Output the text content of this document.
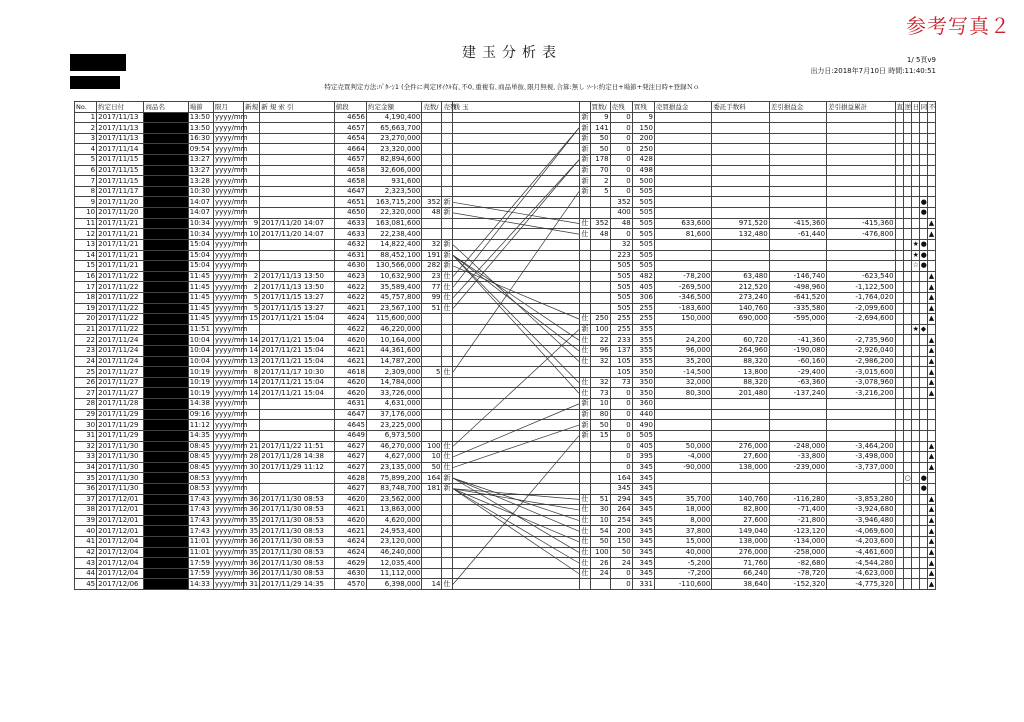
参考写真２
建玉分析表	1/ 5頁v9
出力日:2018年7月10日 時間:11:40:51
特定売買判定方法:ﾊﾟﾀｰﾝ1 (全件に判定)ｻｲｸﾙ有､不0､重複有､商品単抜､限月無視､合算:無し ｿｰﾄ:約定日+場節+発注日時+登録Ｎｏ
No.	約定日付	商品名	場節	限月	新規	新 規 索 引	値段	約定金額	売数/	売残	残 玉		買数/	売残	買残	売買損益金	委託手数料	差引損益金	差引損益累計	直	逆	日	同	不
1	2017/11/13		13:50	yyyy/mm			4656	4,190,400				新	9	0	9									
2	2017/11/13		13:50	yyyy/mm			4657	65,663,700				新	141	0	150									
3	2017/11/13		16:30	yyyy/mm			4654	23,270,000				新	50	0	200									
4	2017/11/14		09:54	yyyy/mm			4664	23,320,000				新	50	0	250									
5	2017/11/15		13:27	yyyy/mm			4657	82,894,600				新	178	0	428									
6	2017/11/15		13:27	yyyy/mm			4658	32,606,000				新	70	0	498									
7	2017/11/15		13:28	yyyy/mm			4658	931,600				新	2	0	500									
8	2017/11/17		10:30	yyyy/mm			4647	2,323,500				新	5	0	505									
9	2017/11/20		14:07	yyyy/mm			4651	163,715,200	352	新				352	505								●	
10	2017/11/20		14:07	yyyy/mm			4650	22,320,000	48	新				400	505								●	
11	2017/11/21		10:34	yyyy/mm	9	2017/11/20 14:07	4633	163,081,600				仕	352	48	505	633,600	971,520	-415,360	-415,360					▲
12	2017/11/21		10:34	yyyy/mm	10	2017/11/20 14:07	4633	22,238,400				仕	48	0	505	81,600	132,480	-61,440	-476,800					▲
13	2017/11/21		15:04	yyyy/mm			4632	14,822,400	32	新				32	505							★	●	
14	2017/11/21		15:04	yyyy/mm			4631	88,452,100	191	新				223	505							★	●	
15	2017/11/21		15:04	yyyy/mm			4630	130,566,000	282	新				505	505							☆	●	
16	2017/11/22		11:45	yyyy/mm	2	2017/11/13 13:50	4623	10,632,900	23	仕				505	482	-78,200	63,480	-146,740	-623,540					▲
17	2017/11/22		11:45	yyyy/mm	2	2017/11/13 13:50	4622	35,589,400	77	仕				505	405	-269,500	212,520	-498,960	-1,122,500					▲
18	2017/11/22		11:45	yyyy/mm	5	2017/11/15 13:27	4622	45,757,800	99	仕				505	306	-346,500	273,240	-641,520	-1,764,020					▲
19	2017/11/22		11:45	yyyy/mm	5	2017/11/15 13:27	4621	23,567,100	51	仕				505	255	-183,600	140,760	-335,580	-2,099,600					▲
20	2017/11/22		11:45	yyyy/mm	15	2017/11/21 15:04	4624	115,600,000				仕	250	255	255	150,000	690,000	-595,000	-2,694,600					▲
21	2017/11/22		11:51	yyyy/mm			4622	46,220,000				新	100	255	355							★	◆	
22	2017/11/24		10:04	yyyy/mm	14	2017/11/21 15:04	4620	10,164,000				仕	22	233	355	24,200	60,720	-41,360	-2,735,960					▲
23	2017/11/24		10:04	yyyy/mm	14	2017/11/21 15:04	4621	44,361,600				仕	96	137	355	96,000	264,960	-190,080	-2,926,040					▲
24	2017/11/24		10:04	yyyy/mm	13	2017/11/21 15:04	4621	14,787,200				仕	32	105	355	35,200	88,320	-60,160	-2,986,200					▲
25	2017/11/27		10:19	yyyy/mm	8	2017/11/17 10:30	4618	2,309,000	5	仕				105	350	-14,500	13,800	-29,400	-3,015,600					▲
26	2017/11/27		10:19	yyyy/mm	14	2017/11/21 15:04	4620	14,784,000				仕	32	73	350	32,000	88,320	-63,360	-3,078,960					▲
27	2017/11/27		10:19	yyyy/mm	14	2017/11/21 15:04	4620	33,726,000				仕	73	0	350	80,300	201,480	-137,240	-3,216,200					▲
28	2017/11/28		14:38	yyyy/mm			4631	4,631,000				新	10	0	360									
29	2017/11/29		09:16	yyyy/mm			4647	37,176,000				新	80	0	440									
30	2017/11/29		11:12	yyyy/mm			4645	23,225,000				新	50	0	490									
31	2017/11/29		14:35	yyyy/mm			4649	6,973,500				新	15	0	505									
32	2017/11/30		08:45	yyyy/mm	21	2017/11/22 11:51	4627	46,270,000	100	仕				0	405	50,000	276,000	-248,000	-3,464,200					▲
33	2017/11/30		08:45	yyyy/mm	28	2017/11/28 14:38	4627	4,627,000	10	仕				0	395	-4,000	27,600	-33,800	-3,498,000					▲
34	2017/11/30		08:45	yyyy/mm	30	2017/11/29 11:12	4627	23,135,000	50	仕				0	345	-90,000	138,000	-239,000	-3,737,000					▲
35	2017/11/30		08:53	yyyy/mm			4628	75,899,200	164	新				164	345						○		●	
36	2017/11/30		08:53	yyyy/mm			4627	83,748,700	181	新				345	345								●	
37	2017/12/01		17:43	yyyy/mm	36	2017/11/30 08:53	4620	23,562,000				仕	51	294	345	35,700	140,760	-116,280	-3,853,280					▲
38	2017/12/01		17:43	yyyy/mm	36	2017/11/30 08:53	4621	13,863,000				仕	30	264	345	18,000	82,800	-71,400	-3,924,680					▲
39	2017/12/01		17:43	yyyy/mm	35	2017/11/30 08:53	4620	4,620,000				仕	10	254	345	8,000	27,600	-21,800	-3,946,480					▲
40	2017/12/01		17:43	yyyy/mm	35	2017/11/30 08:53	4621	24,953,400				仕	54	200	345	37,800	149,040	-123,120	-4,069,600					▲
41	2017/12/04		11:01	yyyy/mm	36	2017/11/30 08:53	4624	23,120,000				仕	50	150	345	15,000	138,000	-134,000	-4,203,600					▲
42	2017/12/04		11:01	yyyy/mm	35	2017/11/30 08:53	4624	46,240,000				仕	100	50	345	40,000	276,000	-258,000	-4,461,600					▲
43	2017/12/04		17:59	yyyy/mm	36	2017/11/30 08:53	4629	12,035,400				仕	26	24	345	-5,200	71,760	-82,680	-4,544,280					▲
44	2017/12/04		17:59	yyyy/mm	36	2017/11/30 08:53	4630	11,112,000				仕	24	0	345	-7,200	66,240	-78,720	-4,623,000					▲
45	2017/12/06		14:33	yyyy/mm	31	2017/11/29 14:35	4570	6,398,000	14	仕				0	331	-110,600	38,640	-152,320	-4,775,320					▲
